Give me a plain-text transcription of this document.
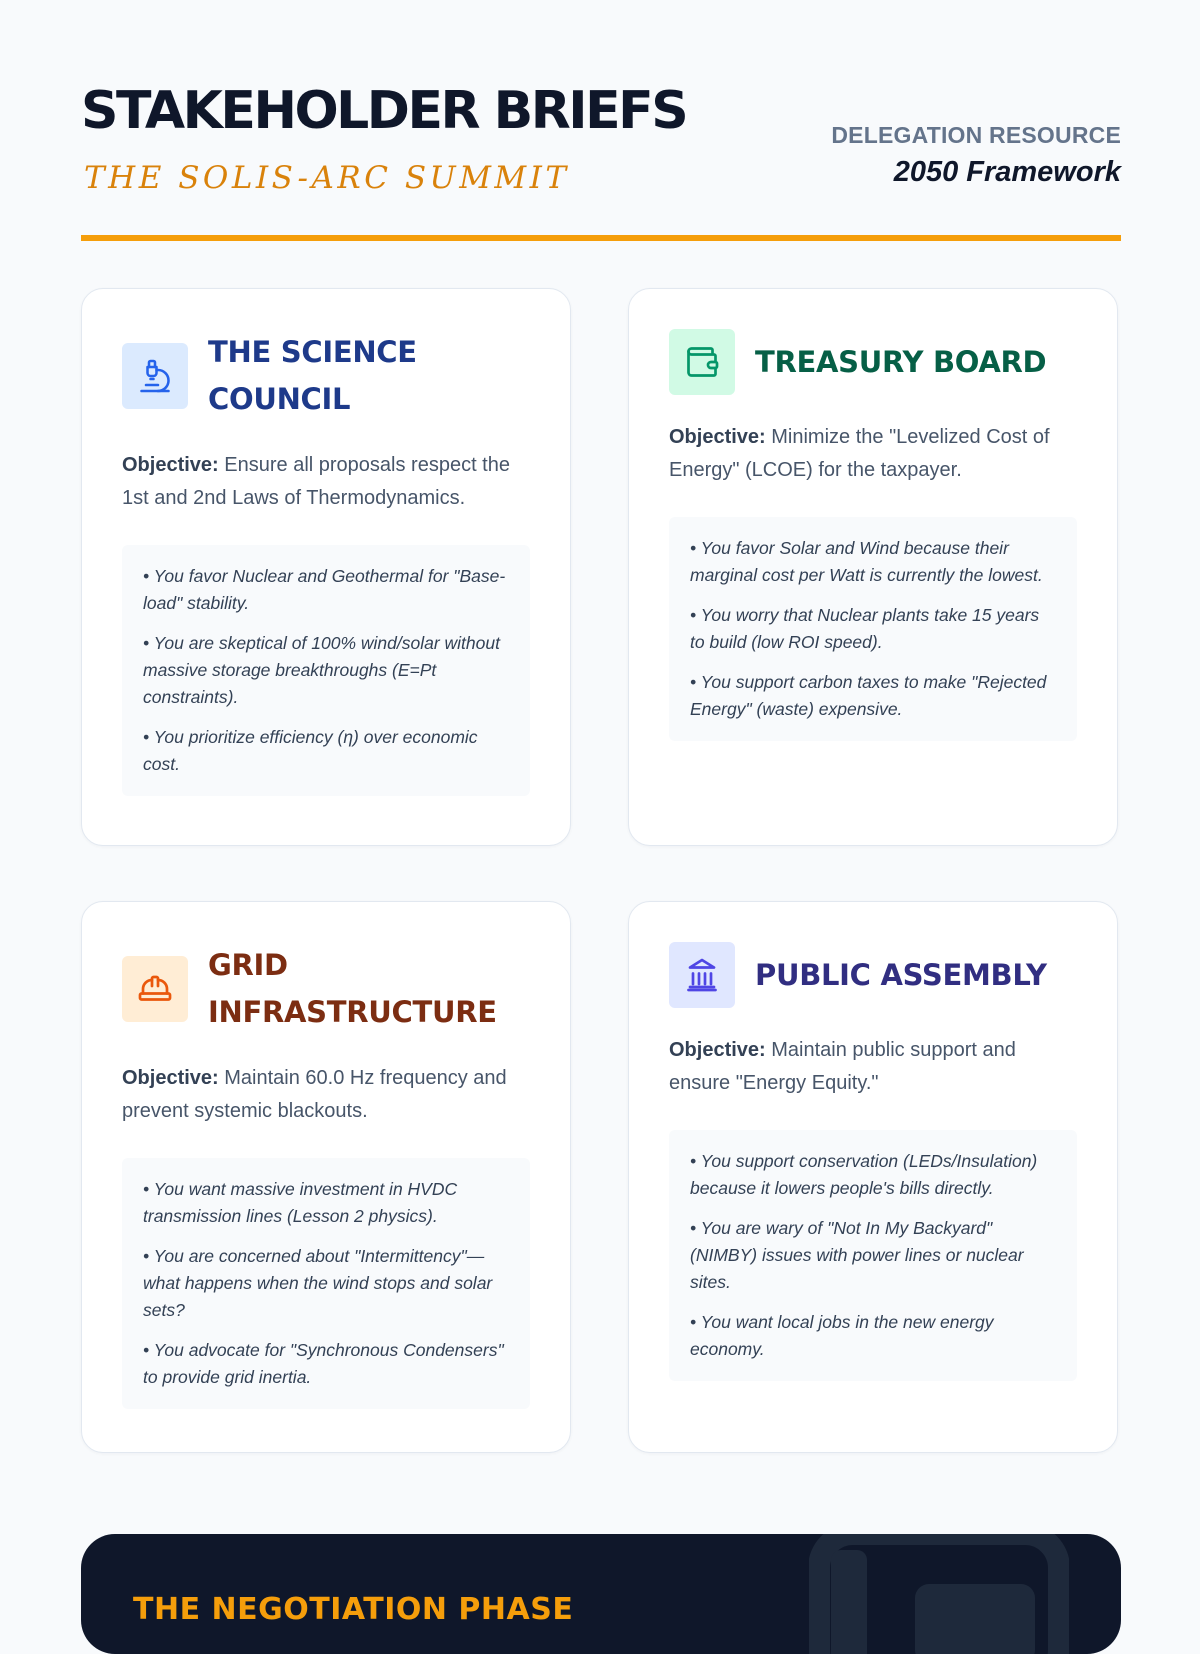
STAKEHOLDER BRIEFS
THE SOLIS-ARC SUMMIT
DELEGATION RESOURCE
2050 Framework
THE SCIENCE
COUNCIL
Objective: Ensure all proposals respect the 1st and 2nd Laws of Thermodynamics.
• You favor Nuclear and Geothermal for "Base-load" stability.
• You are skeptical of 100% wind/solar without massive storage breakthroughs (E=Pt constraints).
• You prioritize efficiency (η) over economic cost.
TREASURY BOARD
Objective: Minimize the "Levelized Cost of Energy" (LCOE) for the taxpayer.
• You favor Solar and Wind because their marginal cost per Watt is currently the lowest.
• You worry that Nuclear plants take 15 years to build (low ROI speed).
• You support carbon taxes to make "Rejected Energy" (waste) expensive.
GRID
INFRASTRUCTURE
Objective: Maintain 60.0 Hz frequency and prevent systemic blackouts.
• You want massive investment in HVDC transmission lines (Lesson 2 physics).
• You are concerned about "Intermittency"—what happens when the wind stops and solar sets?
• You advocate for "Synchronous Condensers" to provide grid inertia.
PUBLIC ASSEMBLY
Objective: Maintain public support and ensure "Energy Equity."
• You support conservation (LEDs/Insulation) because it lowers people's bills directly.
• You are wary of "Not In My Backyard" (NIMBY) issues with power lines or nuclear sites.
• You want local jobs in the new energy economy.
THE NEGOTIATION PHASE
